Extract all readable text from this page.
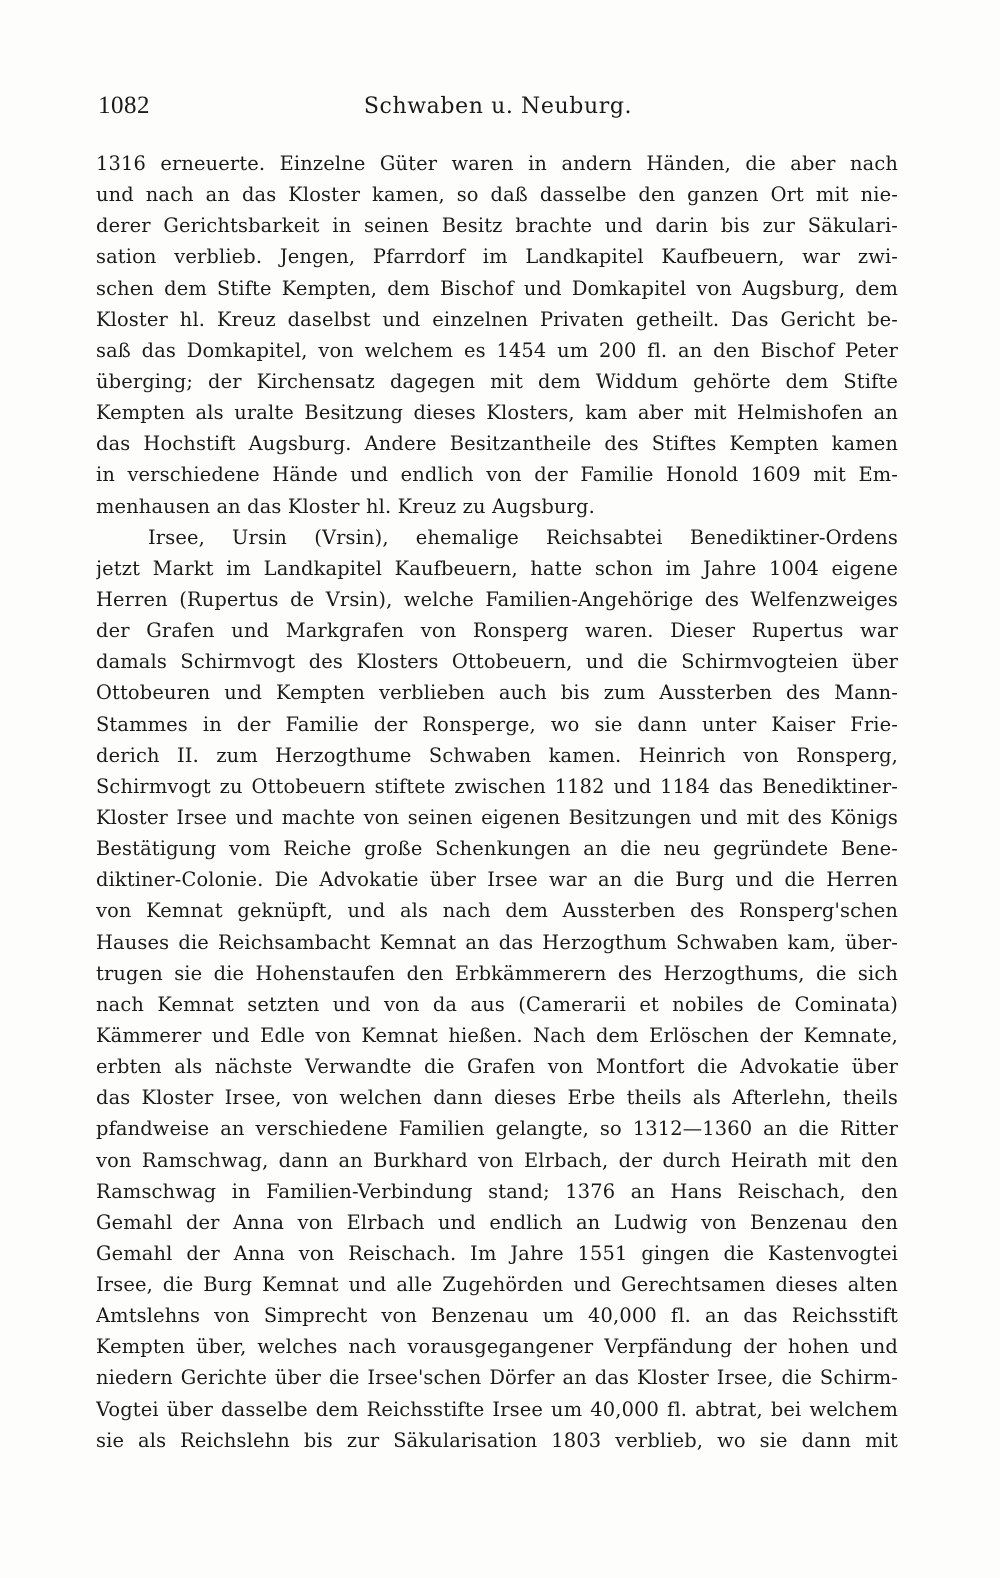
1082	Schwaben u. Neuburg.
1316 erneuerte. Einzelne Güter waren in andern Händen, die aber nach
und nach an das Kloster kamen, so daß dasselbe den ganzen Ort mit nie-
derer Gerichtsbarkeit in seinen Besitz brachte und darin bis zur Säkulari-
sation verblieb. Jengen, Pfarrdorf im Landkapitel Kaufbeuern, war zwi-
schen dem Stifte Kempten, dem Bischof und Domkapitel von Augsburg, dem
Kloster hl. Kreuz daselbst und einzelnen Privaten getheilt. Das Gericht be-
saß das Domkapitel, von welchem es 1454 um 200 fl. an den Bischof Peter
überging; der Kirchensatz dagegen mit dem Widdum gehörte dem Stifte
Kempten als uralte Besitzung dieses Klosters, kam aber mit Helmishofen an
das Hochstift Augsburg. Andere Besitzantheile des Stiftes Kempten kamen
in verschiedene Hände und endlich von der Familie Honold 1609 mit Em-
menhausen an das Kloster hl. Kreuz zu Augsburg.
Irsee, Ursin (Vrsin), ehemalige Reichsabtei Benediktiner-Ordens
jetzt Markt im Landkapitel Kaufbeuern, hatte schon im Jahre 1004 eigene
Herren (Rupertus de Vrsin), welche Familien-Angehörige des Welfenzweiges
der Grafen und Markgrafen von Ronsperg waren. Dieser Rupertus war
damals Schirmvogt des Klosters Ottobeuern, und die Schirmvogteien über
Ottobeuren und Kempten verblieben auch bis zum Aussterben des Mann-
Stammes in der Familie der Ronsperge, wo sie dann unter Kaiser Frie-
derich II. zum Herzogthume Schwaben kamen. Heinrich von Ronsperg,
Schirmvogt zu Ottobeuern stiftete zwischen 1182 und 1184 das Benediktiner-
Kloster Irsee und machte von seinen eigenen Besitzungen und mit des Königs
Bestätigung vom Reiche große Schenkungen an die neu gegründete Bene-
diktiner-Colonie. Die Advokatie über Irsee war an die Burg und die Herren
von Kemnat geknüpft, und als nach dem Aussterben des Ronsperg'schen
Hauses die Reichsambacht Kemnat an das Herzogthum Schwaben kam, über-
trugen sie die Hohenstaufen den Erbkämmerern des Herzogthums, die sich
nach Kemnat setzten und von da aus (Camerarii et nobiles de Cominata)
Kämmerer und Edle von Kemnat hießen. Nach dem Erlöschen der Kemnate,
erbten als nächste Verwandte die Grafen von Montfort die Advokatie über
das Kloster Irsee, von welchen dann dieses Erbe theils als Afterlehn, theils
pfandweise an verschiedene Familien gelangte, so 1312—1360 an die Ritter
von Ramschwag, dann an Burkhard von Elrbach, der durch Heirath mit den
Ramschwag in Familien-Verbindung stand; 1376 an Hans Reischach, den
Gemahl der Anna von Elrbach und endlich an Ludwig von Benzenau den
Gemahl der Anna von Reischach. Im Jahre 1551 gingen die Kastenvogtei
Irsee, die Burg Kemnat und alle Zugehörden und Gerechtsamen dieses alten
Amtslehns von Simprecht von Benzenau um 40,000 fl. an das Reichsstift
Kempten über, welches nach vorausgegangener Verpfändung der hohen und
niedern Gerichte über die Irsee'schen Dörfer an das Kloster Irsee, die Schirm-
Vogtei über dasselbe dem Reichsstifte Irsee um 40,000 fl. abtrat, bei welchem
sie als Reichslehn bis zur Säkularisation 1803 verblieb, wo sie dann mit
